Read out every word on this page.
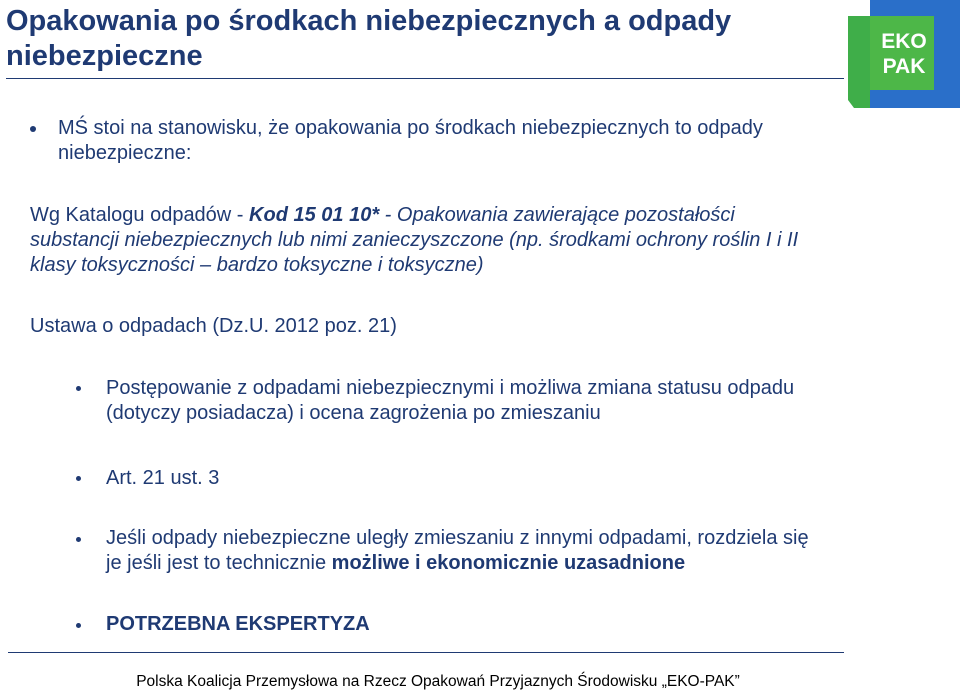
Opakowania po środkach niebezpiecznych a odpady niebezpieczne	EKO
PAK
MŚ stoi na stanowisku, że opakowania po środkach niebezpiecznych to odpady niebezpieczne:
Wg Katalogu odpadów - Kod 15 01 10* - Opakowania zawierające pozostałości
substancji niebezpiecznych lub nimi zanieczyszczone (np. środkami ochrony roślin I i II
klasy toksyczności – bardzo toksyczne i toksyczne)
Ustawa o odpadach (Dz.U. 2012 poz. 21)
Postępowanie z odpadami niebezpiecznymi i możliwa zmiana statusu odpadu
(dotyczy posiadacza) i ocena zagrożenia po zmieszaniu
Art. 21 ust. 3
Jeśli odpady niebezpieczne uległy zmieszaniu z innymi odpadami, rozdziela się
je jeśli jest to technicznie możliwe i ekonomicznie uzasadnione
POTRZEBNA EKSPERTYZA
Polska Koalicja Przemysłowa na Rzecz Opakowań Przyjaznych Środowisku „EKO-PAK”
